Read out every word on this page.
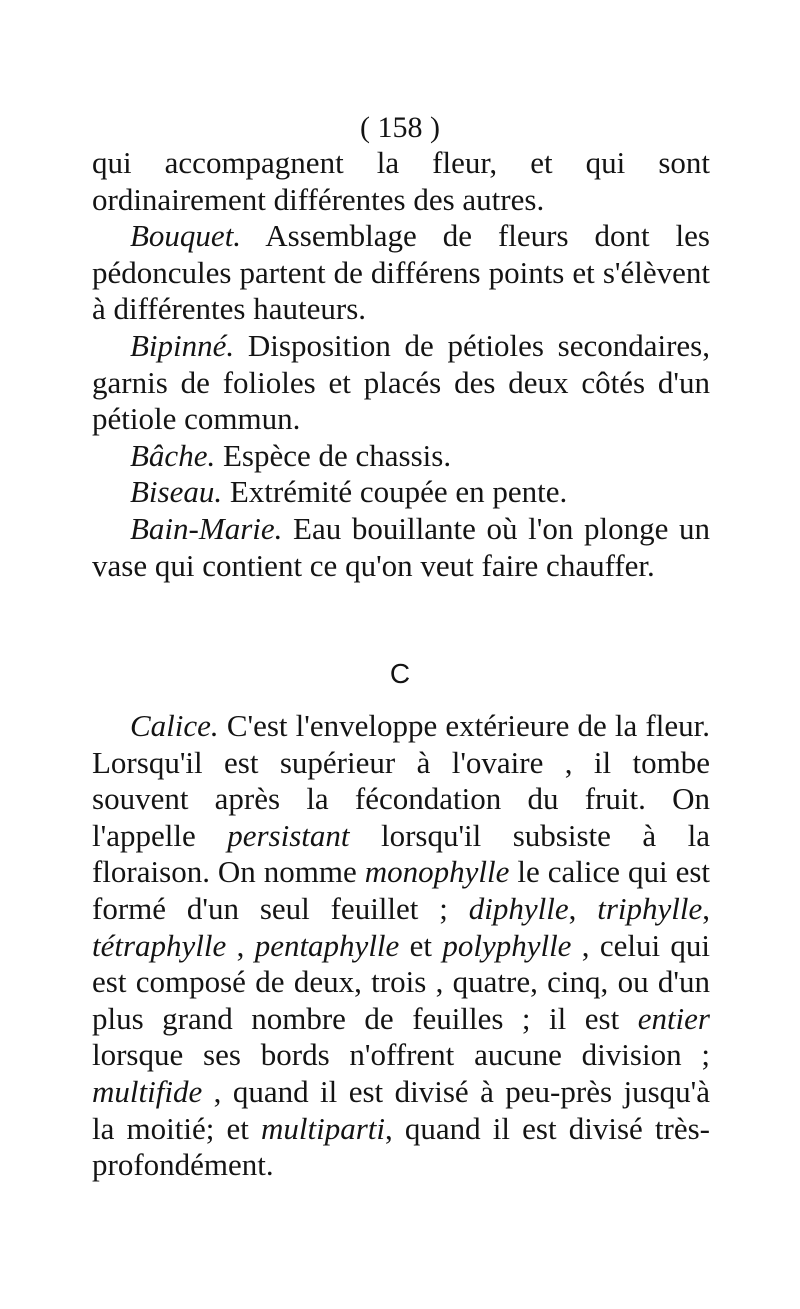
( 158 )

qui accompagnent la fleur, et qui sont ordinairement différentes des autres.

Bouquet. Assemblage de fleurs dont les pédoncules partent de différens points et s'élèvent à différentes hauteurs.

Bipinné. Disposition de pétioles secondaires, garnis de folioles et placés des deux côtés d'un pétiole commun.

Bâche. Espèce de chassis.

Biseau. Extrémité coupée en pente.

Bain-Marie. Eau bouillante où l'on plonge un vase qui contient ce qu'on veut faire chauffer.

C

Calice. C'est l'enveloppe extérieure de la fleur. Lorsqu'il est supérieur à l'ovaire , il tombe souvent après la fécondation du fruit. On l'appelle persistant lorsqu'il subsiste à la floraison. On nomme monophylle le calice qui est formé d'un seul feuillet ; diphylle, triphylle, tétraphylle , pentaphylle et polyphylle , celui qui est composé de deux, trois , quatre, cinq, ou d'un plus grand nombre de feuilles ; il est entier lorsque ses bords n'offrent aucune division ; multifide , quand il est divisé à peu-près jusqu'à la moitié; et multiparti, quand il est divisé très-profondément.
